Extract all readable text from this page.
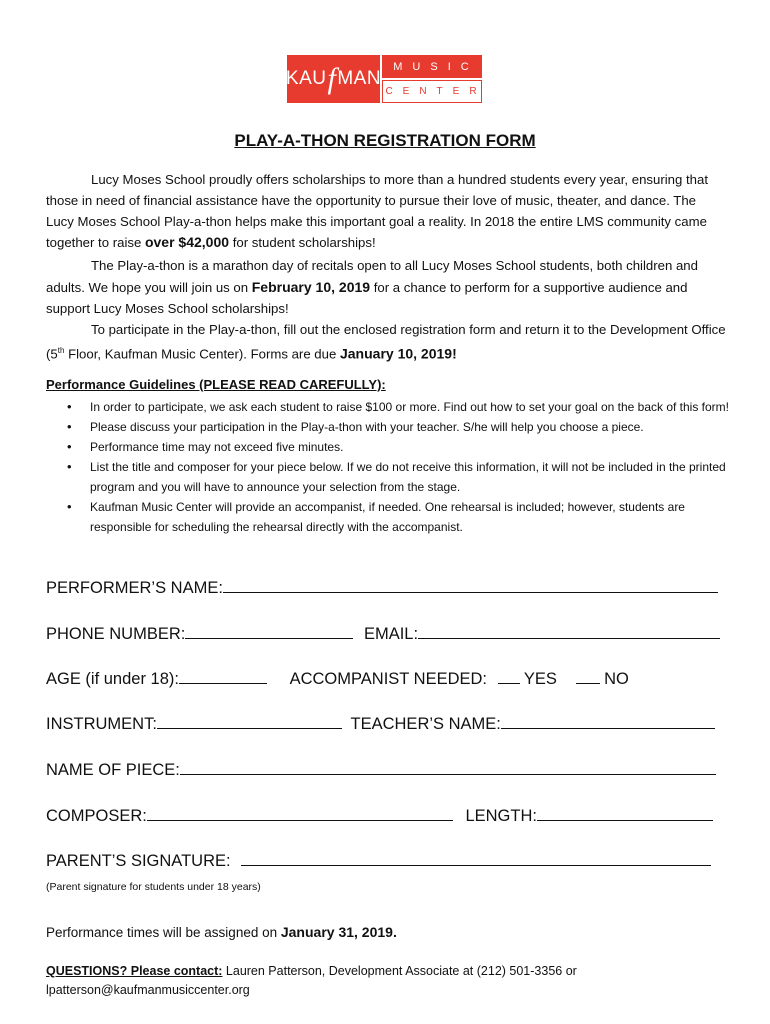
KAU f MAN
MUSIC
CENTER
PLAY-A-THON REGISTRATION FORM
Lucy Moses School proudly offers scholarships to more than a hundred students every year, ensuring that those in need of financial assistance have the opportunity to pursue their love of music, theater, and dance. The Lucy Moses School Play-a-thon helps make this important goal a reality. In 2018 the entire LMS community came together to raise over $42,000 for student scholarships!
The Play-a-thon is a marathon day of recitals open to all Lucy Moses School students, both children and adults. We hope you will join us on February 10, 2019 for a chance to perform for a supportive audience and support Lucy Moses School scholarships!
To participate in the Play-a-thon, fill out the enclosed registration form and return it to the Development Office (5th Floor, Kaufman Music Center). Forms are due January 10, 2019!
Performance Guidelines (PLEASE READ CAREFULLY):
• In order to participate, we ask each student to raise $100 or more. Find out how to set your goal on the back of this form!
• Please discuss your participation in the Play-a-thon with your teacher. S/he will help you choose a piece.
• Performance time may not exceed five minutes.
• List the title and composer for your piece below. If we do not receive this information, it will not be included in the printed program and you will have to announce your selection from the stage.
• Kaufman Music Center will provide an accompanist, if needed. One rehearsal is included; however, students are responsible for scheduling the rehearsal directly with the accompanist.
PERFORMER’S NAME:
PHONE NUMBER:	EMAIL:
AGE (if under 18):	ACCOMPANIST NEEDED: YES	NO
INSTRUMENT:	TEACHER’S NAME:
NAME OF PIECE:
COMPOSER:	LENGTH:
PARENT’S SIGNATURE:
(Parent signature for students under 18 years)
Performance times will be assigned on January 31, 2019.
QUESTIONS? Please contact: Lauren Patterson, Development Associate at (212) 501-3356 or lpatterson@kaufmanmusiccenter.org
